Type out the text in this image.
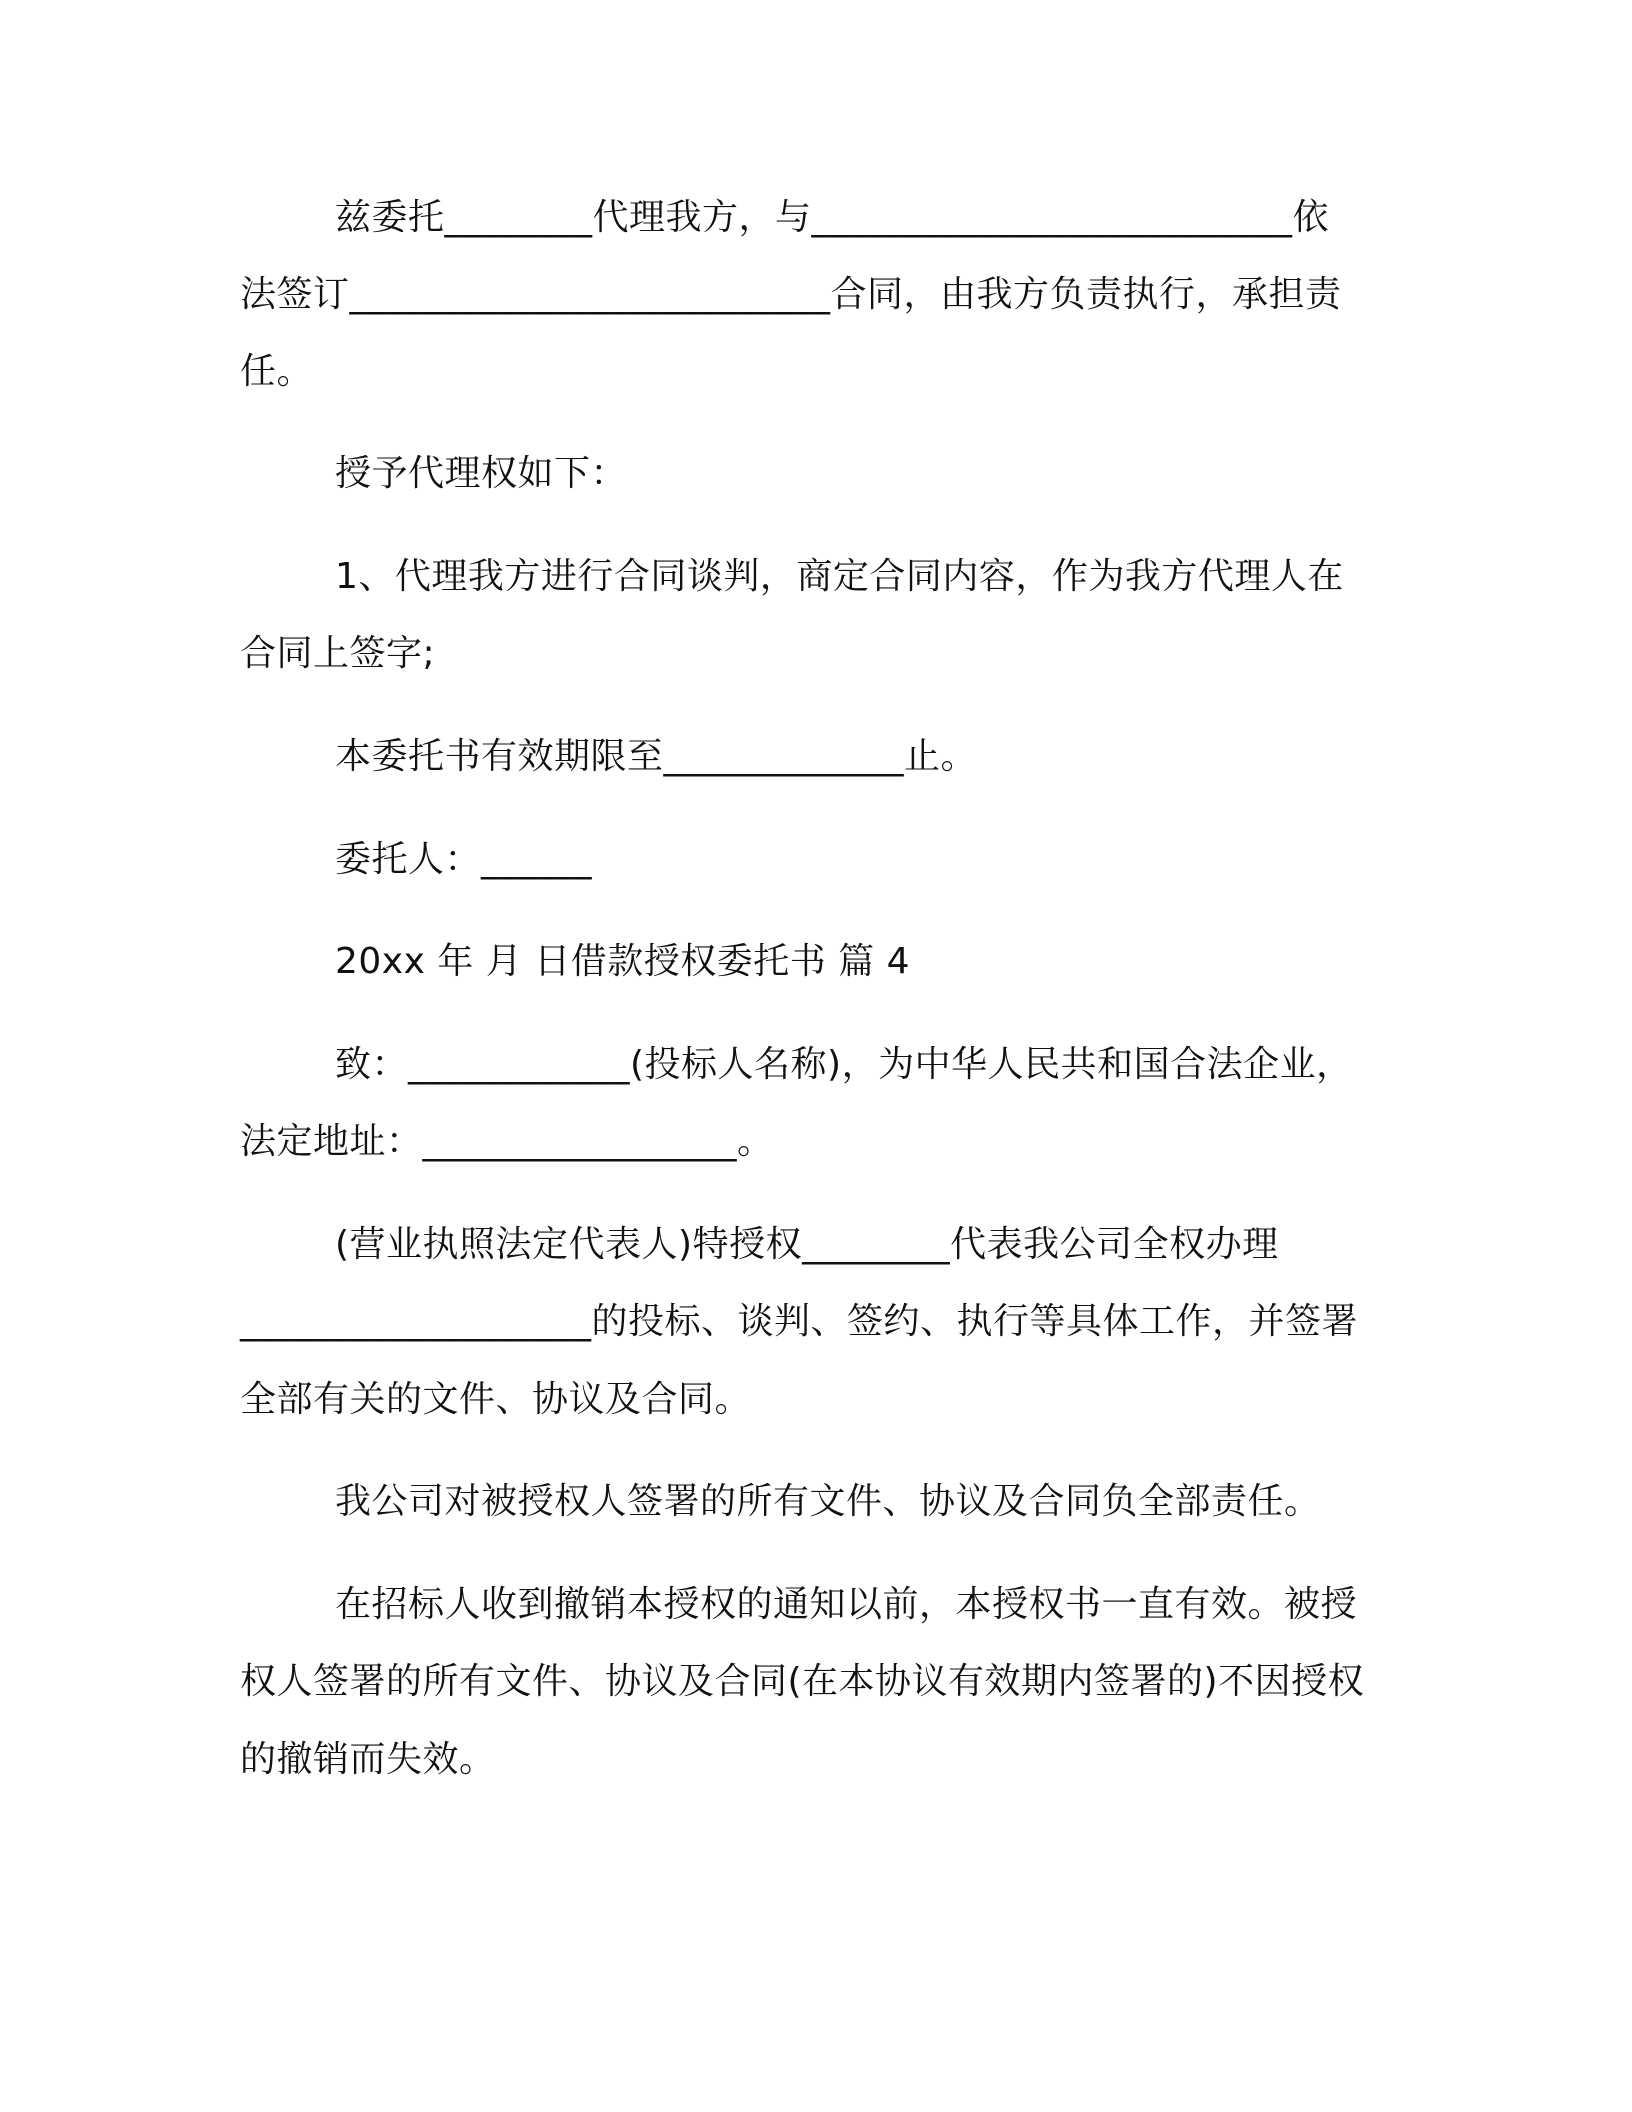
兹委托________代理我方，与__________________________依
法签订__________________________合同，由我方负责执行，承担责
任。
授予代理权如下：
1、代理我方进行合同谈判，商定合同内容，作为我方代理人在
合同上签字;
本委托书有效期限至_____________止。
委托人：______
20xx 年 月 日借款授权委托书 篇 4
致：____________(投标人名称)，为中华人民共和国合法企业，
法定地址：_________________。
(营业执照法定代表人)特授权________代表我公司全权办理
___________________的投标、谈判、签约、执行等具体工作，并签署
全部有关的文件、协议及合同。
我公司对被授权人签署的所有文件、协议及合同负全部责任。
在招标人收到撤销本授权的通知以前，本授权书一直有效。被授
权人签署的所有文件、协议及合同(在本协议有效期内签署的)不因授权
的撤销而失效。
